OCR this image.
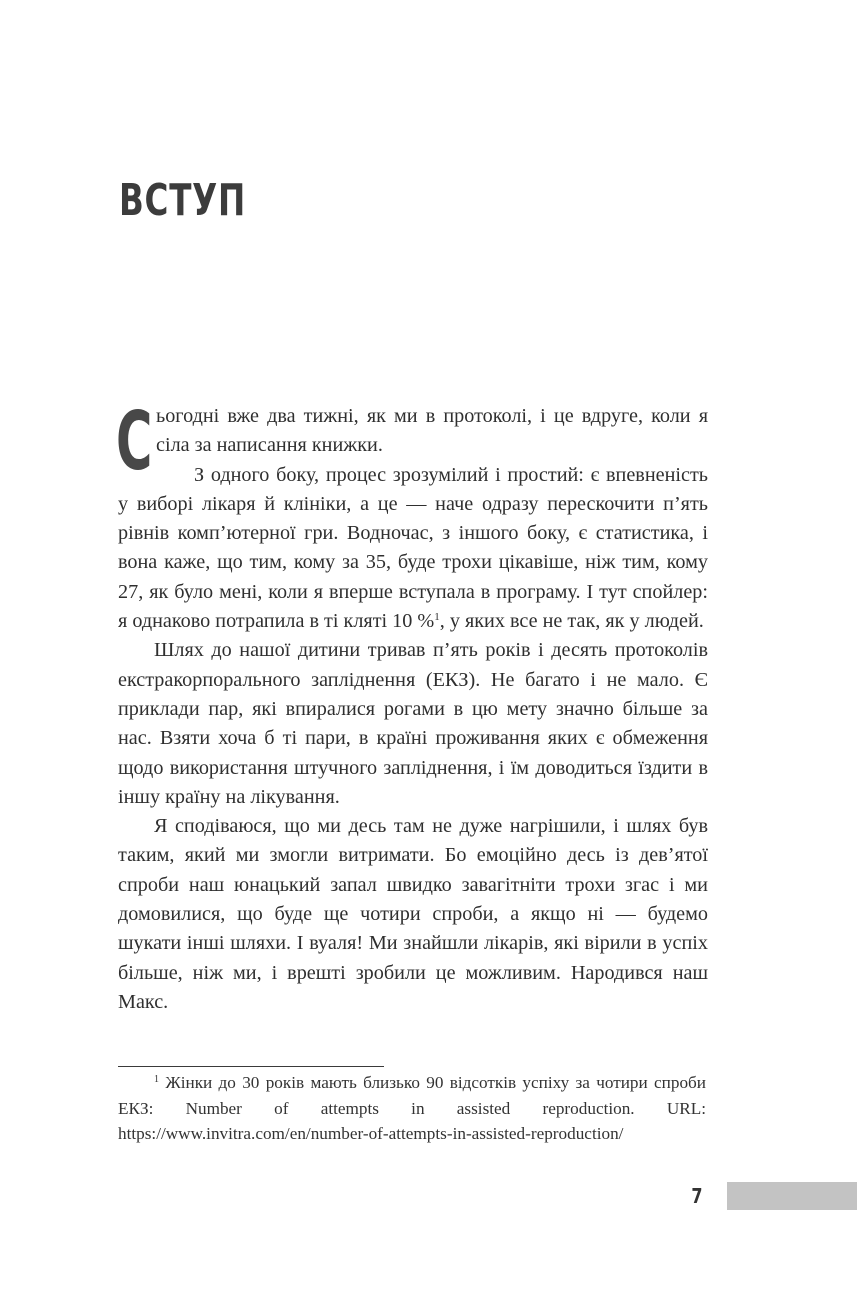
ВСТУП

Сьогодні вже два тижні, як ми в протоколі, і це вдруге, коли я сіла за написання книжки.

З одного боку, процес зрозумілий і простий: є впевненість у виборі лікаря й клініки, а це — наче одразу перескочити п’ять рівнів комп’ютерної гри. Водночас, з іншого боку, є статистика, і вона каже, що тим, кому за 35, буде трохи цікавіше, ніж тим, кому 27, як було мені, коли я вперше вступала в програму. І тут спойлер: я однаково потрапила в ті кляті 10 %$^1$, у яких все не так, як у людей.

Шлях до нашої дитини тривав п’ять років і десять протоколів екстракорпорального запліднення (ЕКЗ). Не багато і не мало. Є приклади пар, які впиралися рогами в цю мету значно більше за нас. Взяти хоча б ті пари, в країні проживання яких є обмеження щодо використання штучного запліднення, і їм доводиться їздити в іншу країну на лікування.

Я сподіваюся, що ми десь там не дуже нагрішили, і шлях був таким, який ми змогли витримати. Бо емоційно десь із дев’ятої спроби наш юнацький запал швидко завагітніти трохи згас і ми домовилися, що буде ще чотири спроби, а якщо ні — будемо шукати інші шляхи. І вуаля! Ми знайшли лікарів, які вірили в успіх більше, ніж ми, і врешті зробили це можливим. Народився наш Макс.

$^1$ Жінки до 30 років мають близько 90 відсотків успіху за чотири спроби ЕКЗ: Number of attempts in assisted reproduction. URL: https://www.invitra.com/en/number-of-attempts-in-assisted-reproduction/
7
